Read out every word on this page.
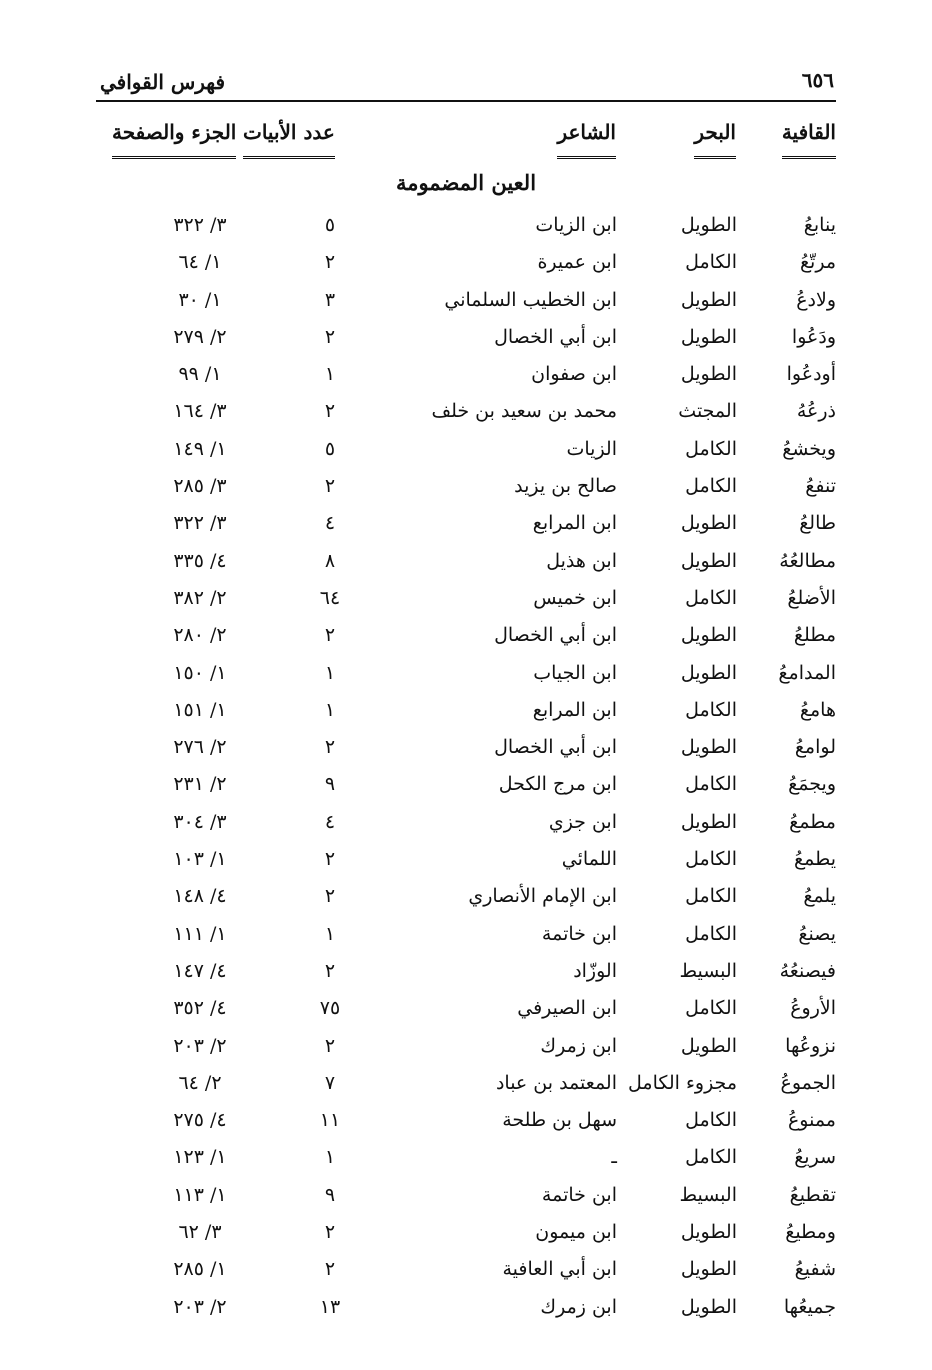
٦٥٦
فهرس القوافي
القافية
البحر
الشاعر
عدد الأبيات
الجزء والصفحة
العين المضمومة
ينابعُ
الطويل
ابن الزيات
٥
٣/ ٣٢٢
مرتّعُ
الكامل
ابن عميرة
٢
١/ ٦٤
ولادعُ
الطويل
ابن الخطيب السلماني
٣
١/ ٣٠
ودَعُوا
الطويل
ابن أبي الخصال
٢
٢/ ٢٧٩
أودعُوا
الطويل
ابن صفوان
١
١/ ٩٩
ذرعُهُ
المجتث
محمد بن سعيد بن خلف
٢
٣/ ١٦٤
ويخشعُ
الكامل
الزيات
٥
١/ ١٤٩
تنفعُ
الكامل
صالح بن يزيد
٢
٣/ ٢٨٥
طالعُ
الطويل
ابن المرابع
٤
٣/ ٣٢٢
مطالعُهُ
الطويل
ابن هذيل
٨
٤/ ٣٣٥
الأضلعُ
الكامل
ابن خميس
٦٤
٢/ ٣٨٢
مطلعُ
الطويل
ابن أبي الخصال
٢
٢/ ٢٨٠
المدامعُ
الطويل
ابن الجياب
١
١/ ١٥٠
هامعُ
الكامل
ابن المرابع
١
١/ ١٥١
لوامعُ
الطويل
ابن أبي الخصال
٢
٢/ ٢٧٦
ويجمَعُ
الكامل
ابن مرج الكحل
٩
٢/ ٢٣١
مطمعُ
الطويل
ابن جزي
٤
٣/ ٣٠٤
يطمعُ
الكامل
اللمائي
٢
١/ ١٠٣
يلمعُ
الكامل
ابن الإمام الأنصاري
٢
٤/ ١٤٨
يصنعُ
الكامل
ابن خاتمة
١
١/ ١١١
فيصنعُهُ
البسيط
الوزّاد
٢
٤/ ١٤٧
الأروعُ
الكامل
ابن الصيرفي
٧٥
٤/ ٣٥٢
نزوعُها
الطويل
ابن زمرك
٢
٢/ ٢٠٣
الجموعُ
مجزوء الكامل
المعتمد بن عباد
٧
٢/ ٦٤
ممنوعُ
الكامل
سهل بن طلحة
١١
٤/ ٢٧٥
سريعُ
الكامل
ـ
١
١/ ١٢٣
تقطيعُ
البسيط
ابن خاتمة
٩
١/ ١١٣
ومطيعُ
الطويل
ابن ميمون
٢
٣/ ٦٢
شفيعُ
الطويل
ابن أبي العافية
٢
١/ ٢٨٥
جميعُها
الطويل
ابن زمرك
١٣
٢/ ٢٠٣
